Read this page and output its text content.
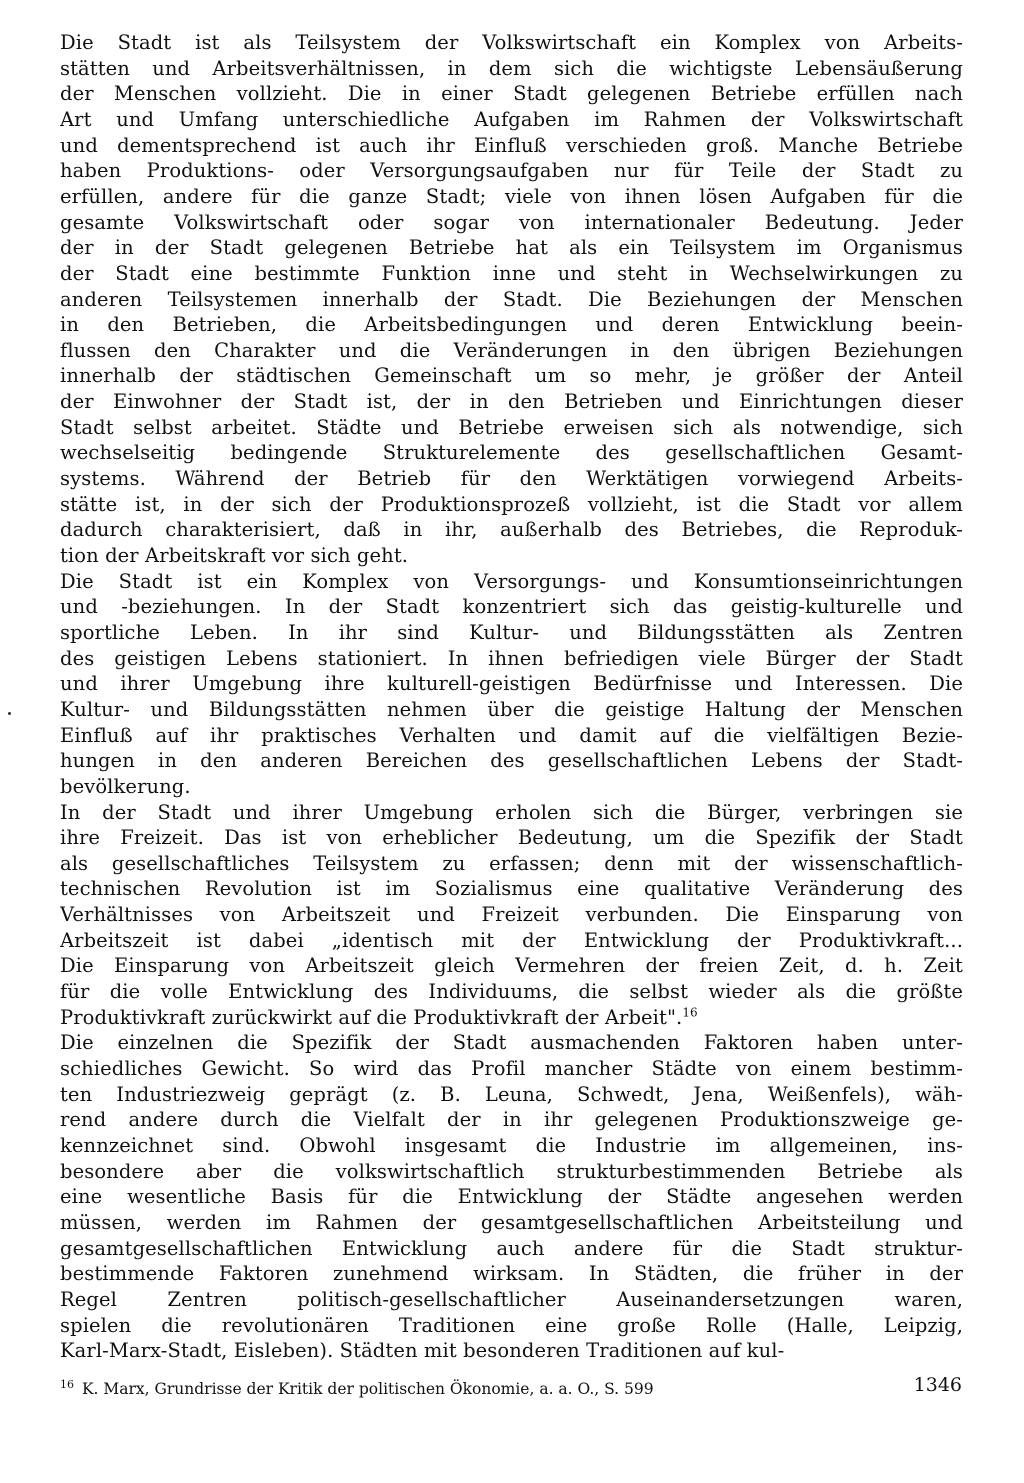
Die Stadt ist als Teilsystem der Volkswirtschaft ein Komplex von Arbeits-
stätten und Arbeitsverhältnissen, in dem sich die wichtigste Lebensäußerung
der Menschen vollzieht. Die in einer Stadt gelegenen Betriebe erfüllen nach
Art und Umfang unterschiedliche Aufgaben im Rahmen der Volkswirtschaft
und dementsprechend ist auch ihr Einfluß verschieden groß. Manche Betriebe
haben Produktions- oder Versorgungsaufgaben nur für Teile der Stadt zu
erfüllen, andere für die ganze Stadt; viele von ihnen lösen Aufgaben für die
gesamte Volkswirtschaft oder sogar von internationaler Bedeutung. Jeder
der in der Stadt gelegenen Betriebe hat als ein Teilsystem im Organismus
der Stadt eine bestimmte Funktion inne und steht in Wechselwirkungen zu
anderen Teilsystemen innerhalb der Stadt. Die Beziehungen der Menschen
in den Betrieben, die Arbeitsbedingungen und deren Entwicklung beein-
flussen den Charakter und die Veränderungen in den übrigen Beziehungen
innerhalb der städtischen Gemeinschaft um so mehr, je größer der Anteil
der Einwohner der Stadt ist, der in den Betrieben und Einrichtungen dieser
Stadt selbst arbeitet. Städte und Betriebe erweisen sich als notwendige, sich
wechselseitig bedingende Strukturelemente des gesellschaftlichen Gesamt-
systems. Während der Betrieb für den Werktätigen vorwiegend Arbeits-
stätte ist, in der sich der Produktionsprozeß vollzieht, ist die Stadt vor allem
dadurch charakterisiert, daß in ihr, außerhalb des Betriebes, die Reproduk-
tion der Arbeitskraft vor sich geht.
Die Stadt ist ein Komplex von Versorgungs- und Konsumtionseinrichtungen
und -beziehungen. In der Stadt konzentriert sich das geistig-kulturelle und
sportliche Leben. In ihr sind Kultur- und Bildungsstätten als Zentren
des geistigen Lebens stationiert. In ihnen befriedigen viele Bürger der Stadt
und ihrer Umgebung ihre kulturell-geistigen Bedürfnisse und Interessen. Die
Kultur- und Bildungsstätten nehmen über die geistige Haltung der Menschen
Einfluß auf ihr praktisches Verhalten und damit auf die vielfältigen Bezie-
hungen in den anderen Bereichen des gesellschaftlichen Lebens der Stadt-
bevölkerung.
In der Stadt und ihrer Umgebung erholen sich die Bürger, verbringen sie
ihre Freizeit. Das ist von erheblicher Bedeutung, um die Spezifik der Stadt
als gesellschaftliches Teilsystem zu erfassen; denn mit der wissenschaftlich-
technischen Revolution ist im Sozialismus eine qualitative Veränderung des
Verhältnisses von Arbeitszeit und Freizeit verbunden. Die Einsparung von
Arbeitszeit ist dabei „identisch mit der Entwicklung der Produktivkraft...
Die Einsparung von Arbeitszeit gleich Vermehren der freien Zeit, d. h. Zeit
für die volle Entwicklung des Individuums, die selbst wieder als die größte
Produktivkraft zurückwirkt auf die Produktivkraft der Arbeit".$^{16}$
Die einzelnen die Spezifik der Stadt ausmachenden Faktoren haben unter-
schiedliches Gewicht. So wird das Profil mancher Städte von einem bestimm-
ten Industriezweig geprägt (z. B. Leuna, Schwedt, Jena, Weißenfels), wäh-
rend andere durch die Vielfalt der in ihr gelegenen Produktionszweige ge-
kennzeichnet sind. Obwohl insgesamt die Industrie im allgemeinen, ins-
besondere aber die volkswirtschaftlich strukturbestimmenden Betriebe als
eine wesentliche Basis für die Entwicklung der Städte angesehen werden
müssen, werden im Rahmen der gesamtgesellschaftlichen Arbeitsteilung und
gesamtgesellschaftlichen Entwicklung auch andere für die Stadt struktur-
bestimmende Faktoren zunehmend wirksam. In Städten, die früher in der
Regel Zentren politisch-gesellschaftlicher Auseinandersetzungen waren,
spielen die revolutionären Traditionen eine große Rolle (Halle, Leipzig,
Karl-Marx-Stadt, Eisleben). Städten mit besonderen Traditionen auf kul-
$^{16}$ K. Marx, Grundrisse der Kritik der politischen Ökonomie, a. a. O., S. 599	1346
